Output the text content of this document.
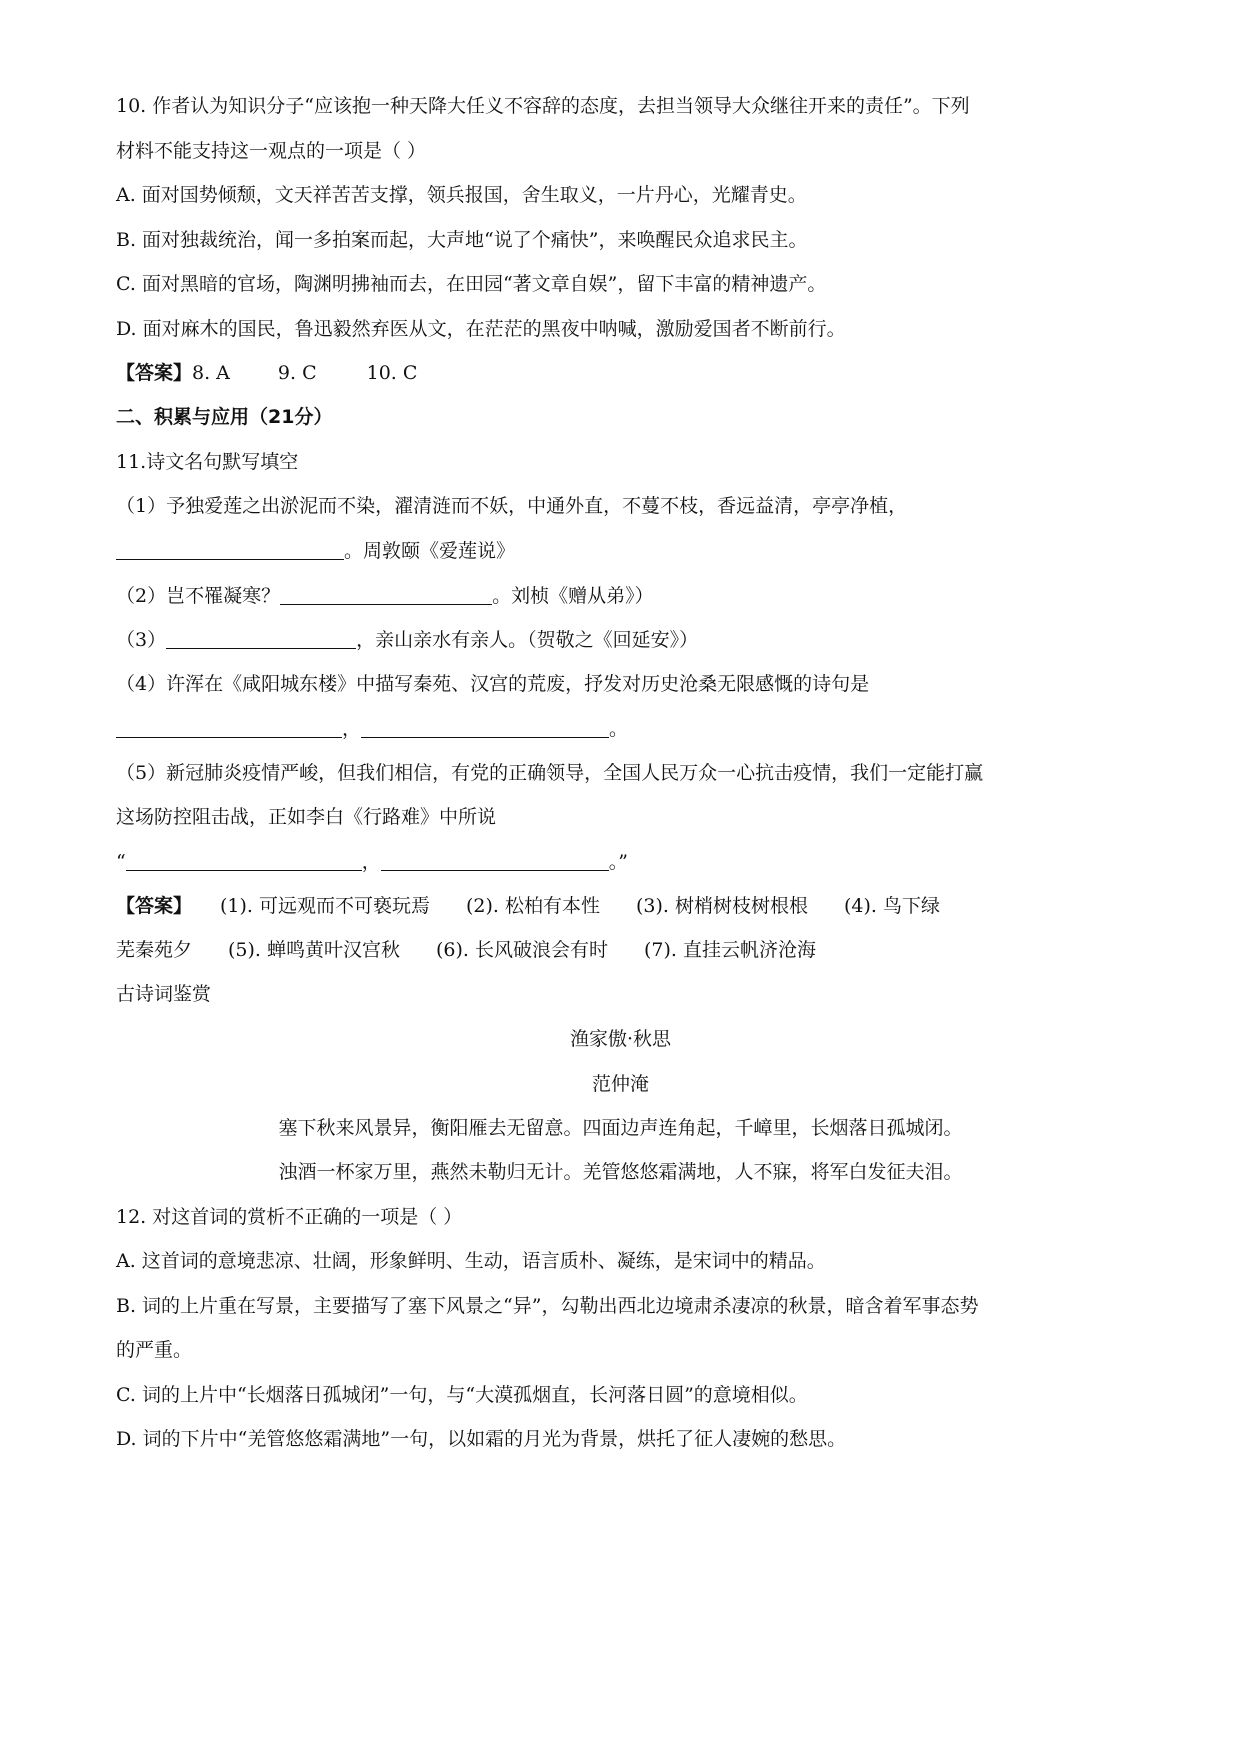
10. 作者认为知识分子“应该抱一种天降大任义不容辞的态度，去担当领导大众继往开来的责任”。下列
材料不能支持这一观点的一项是（ ）
A. 面对国势倾颓，文天祥苦苦支撑，领兵报国，舍生取义，一片丹心，光耀青史。
B. 面对独裁统治，闻一多拍案而起，大声地“说了个痛快”，来唤醒民众追求民主。
C. 面对黑暗的官场，陶渊明拂袖而去，在田园“著文章自娱”，留下丰富的精神遗产。
D. 面对麻木的国民，鲁迅毅然弃医从文，在茫茫的黑夜中呐喊，激励爱国者不断前行。
【答案】8. A	9. C	10. C
二、积累与应用（21分）
11.诗文名句默写填空
（1）予独爱莲之出淤泥而不染，濯清涟而不妖，中通外直，不蔓不枝，香远益清，亭亭净植，
。周敦颐《爱莲说》
（2）岂不罹凝寒？	。刘桢《赠从弟》）
（3）	，亲山亲水有亲人。（贺敬之《回延安》）
（4）许浑在《咸阳城东楼》中描写秦苑、汉宫的荒废，抒发对历史沧桑无限感慨的诗句是
，	。
（5）新冠肺炎疫情严峻，但我们相信，有党的正确领导，全国人民万众一心抗击疫情，我们一定能打赢
这场防控阻击战，正如李白《行路难》中所说
“	，	。”
【答案】 (1). 可远观而不可亵玩焉 (2). 松柏有本性 (3). 树梢树枝树根根 (4). 鸟下绿
芜秦苑夕 (5). 蝉鸣黄叶汉宫秋 (6). 长风破浪会有时 (7). 直挂云帆济沧海
古诗词鉴赏
渔家傲·秋思
范仲淹
塞下秋来风景异，衡阳雁去无留意。四面边声连角起，千嶂里，长烟落日孤城闭。
浊酒一杯家万里，燕然未勒归无计。羌管悠悠霜满地，人不寐，将军白发征夫泪。
12. 对这首词的赏析不正确的一项是（ ）
A. 这首词的意境悲凉、壮阔，形象鲜明、生动，语言质朴、凝练，是宋词中的精品。
B. 词的上片重在写景，主要描写了塞下风景之“异”，勾勒出西北边境肃杀凄凉的秋景，暗含着军事态势
的严重。
C. 词的上片中“长烟落日孤城闭”一句，与“大漠孤烟直，长河落日圆”的意境相似。
D. 词的下片中“羌管悠悠霜满地”一句，以如霜的月光为背景，烘托了征人凄婉的愁思。
